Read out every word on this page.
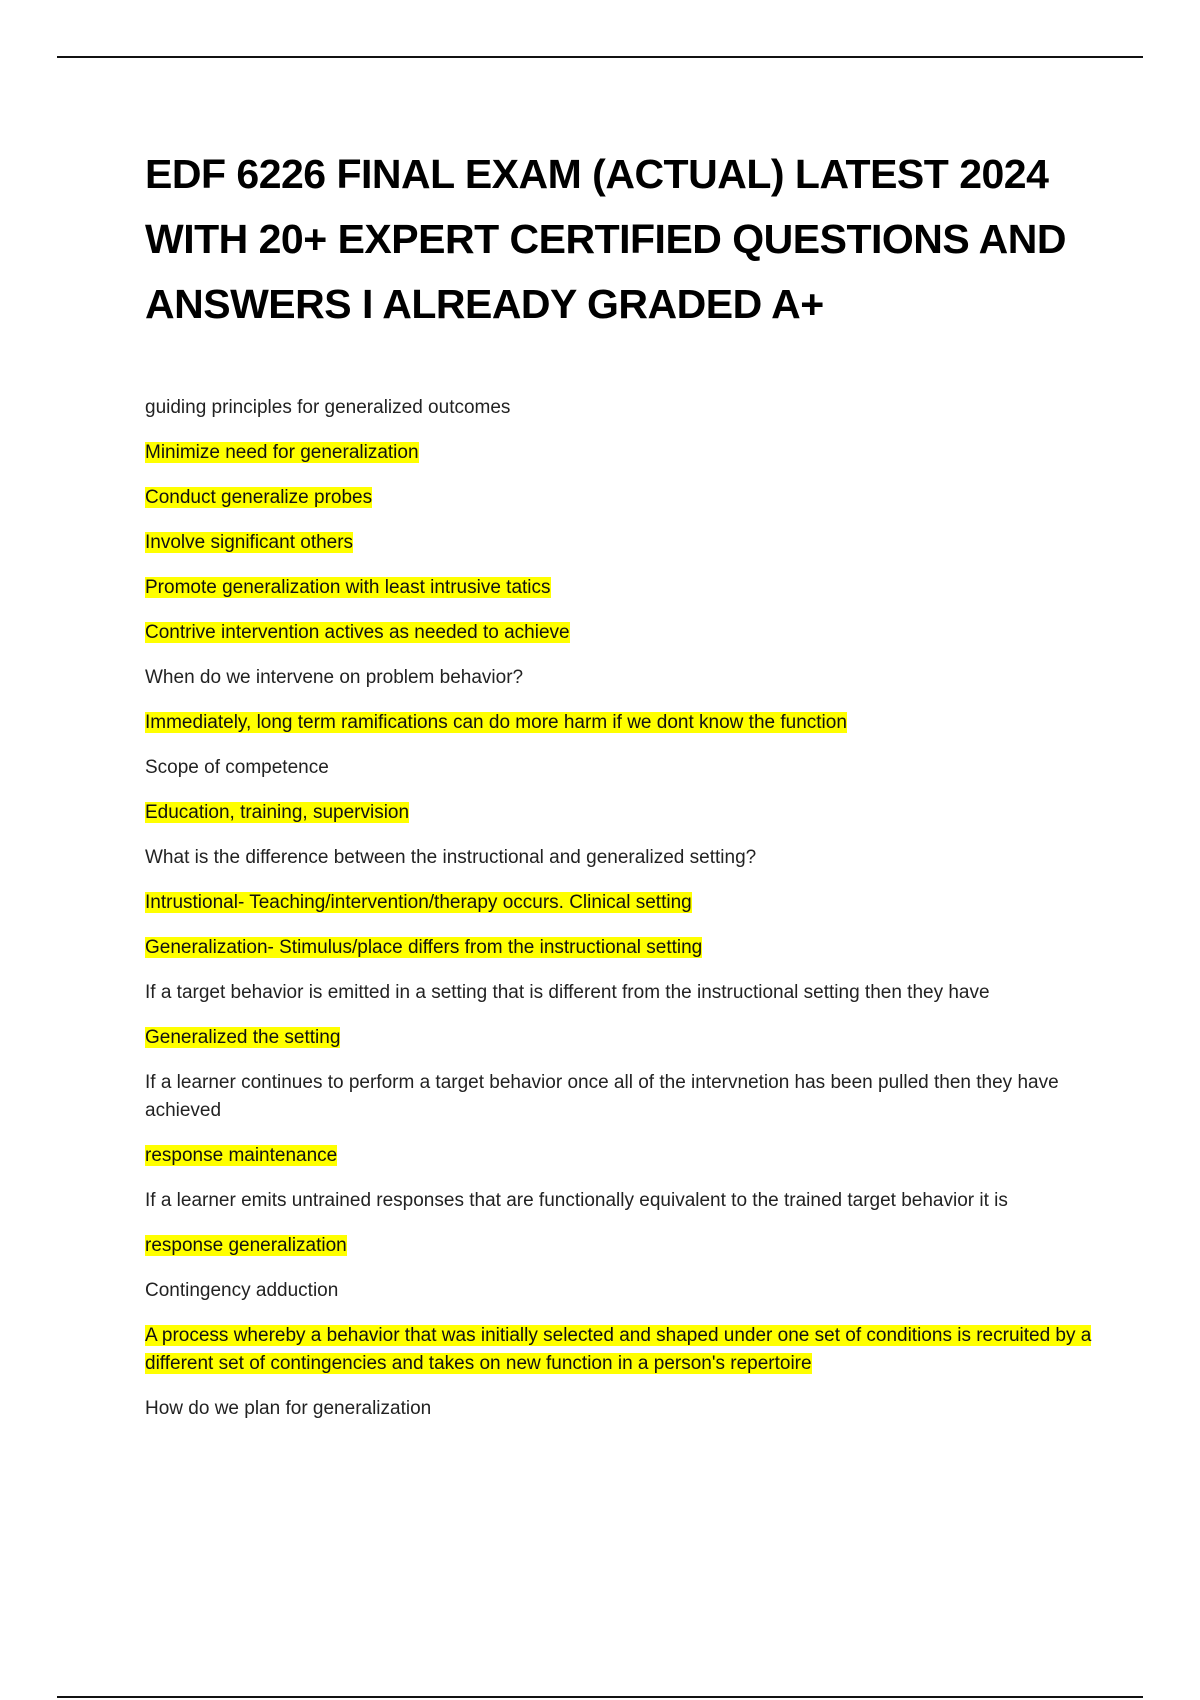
EDF 6226 FINAL EXAM (ACTUAL) LATEST 2024 WITH 20+ EXPERT CERTIFIED QUESTIONS AND ANSWERS I ALREADY GRADED A+

guiding principles for generalized outcomes

Minimize need for generalization

Conduct generalize probes

Involve significant others

Promote generalization with least intrusive tatics

Contrive intervention actives as needed to achieve

When do we intervene on problem behavior?

Immediately, long term ramifications can do more harm if we dont know the function

Scope of competence

Education, training, supervision

What is the difference between the instructional and generalized setting?

Intrustional- Teaching/intervention/therapy occurs. Clinical setting

Generalization- Stimulus/place differs from the instructional setting

If a target behavior is emitted in a setting that is different from the instructional setting then they have

Generalized the setting

If a learner continues to perform a target behavior once all of the intervnetion has been pulled then they have achieved

response maintenance

If a learner emits untrained responses that are functionally equivalent to the trained target behavior it is

response generalization

Contingency adduction

A process whereby a behavior that was initially selected and shaped under one set of conditions is recruited by a different set of contingencies and takes on new function in a person's repertoire

How do we plan for generalization
